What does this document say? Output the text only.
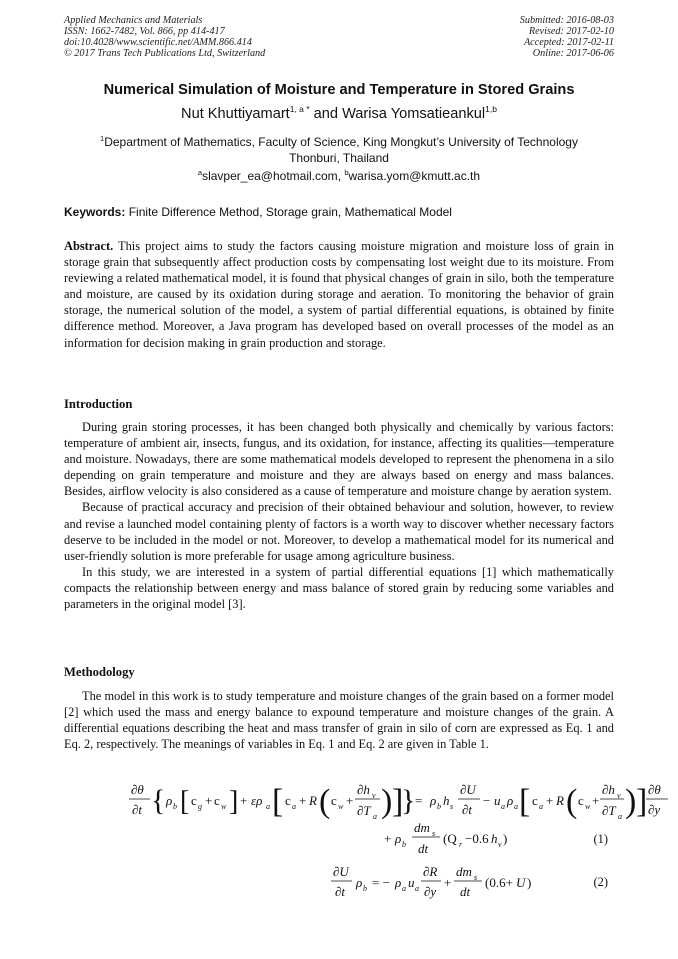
Applied Mechanics and Materials
ISSN: 1662-7482, Vol. 866, pp 414-417
doi:10.4028/www.scientific.net/AMM.866.414
© 2017 Trans Tech Publications Ltd, Switzerland
Submitted: 2016-08-03
Revised: 2017-02-10
Accepted: 2017-02-11
Online: 2017-06-06
Numerical Simulation of Moisture and Temperature in Stored Grains
Nut Khuttiyamart$^{1, a *}$ and Warisa Yomsatieankul$^{1,b}$
$^1$Department of Mathematics, Faculty of Science, King Mongkut’s University of Technology
Thonburi, Thailand
$^a$slavper_ea@hotmail.com, $^b$warisa.yom@kmutt.ac.th
Keywords: Finite Difference Method, Storage grain, Mathematical Model

Abstract. This project aims to study the factors causing moisture migration and moisture loss of grain in storage grain that subsequently affect production costs by compensating lost weight due to its moisture. From reviewing a related mathematical model, it is found that physical changes of grain in silo, both the temperature and moisture, are caused by its oxidation during storage and aeration. To monitoring the behavior of grain storage, the numerical solution of the model, a system of partial differential equations, is obtained by finite difference method. Moreover, a Java program has developed based on overall processes of the model as an information for decision making in grain production and storage.

Introduction

During grain storing processes, it has been changed both physically and chemically by various factors: temperature of ambient air, insects, fungus, and its oxidation, for instance, affecting its qualities—temperature and moisture. Nowadays, there are some mathematical models developed to represent the phenomena in a silo depending on grain temperature and moisture and they are always based on energy and mass balances. Besides, airflow velocity is also considered as a cause of temperature and moisture change by aeration system.

Because of practical accuracy and precision of their obtained behaviour and solution, however, to review and revise a launched model containing plenty of factors is a worth way to discover whether necessary factors deserve to be included in the model or not. Moreover, to develop a mathematical model for its numerical and user-friendly solution is more preferable for usage among agriculture business.

In this study, we are interested in a system of partial differential equations [1] which mathematically compacts the relationship between energy and mass balance of stored grain by reducing some variables and parameters in the original model [3].

Methodology

The model in this work is to study temperature and moisture changes of the grain based on a former model [2] which used the mass and energy balance to expound temperature and moisture changes of the grain. A differential equations describing the heat and mass transfer of grain in silo of corn are expressed as Eq. 1 and Eq. 2, respectively. The meanings of variables in Eq. 1 and Eq. 2 are given in Table 1.

∂θ
∂t { ρ b [ c g + c w ] + ερ a [ c a + R ( c w +
∂h v
∂T a ) ]
} = ρ b h s
∂U
∂t
− u a ρ a [ c a + R ( c w +
∂h v
∂T a ) ] ∂θ
∂y
+ ρ b
dm s
dt
(Q r −0.6 h v )
∂U
∂t
ρ b = − ρ a u a
∂R
∂y
+
dm s
dt
(0.6+ U )
(1)
(2)
